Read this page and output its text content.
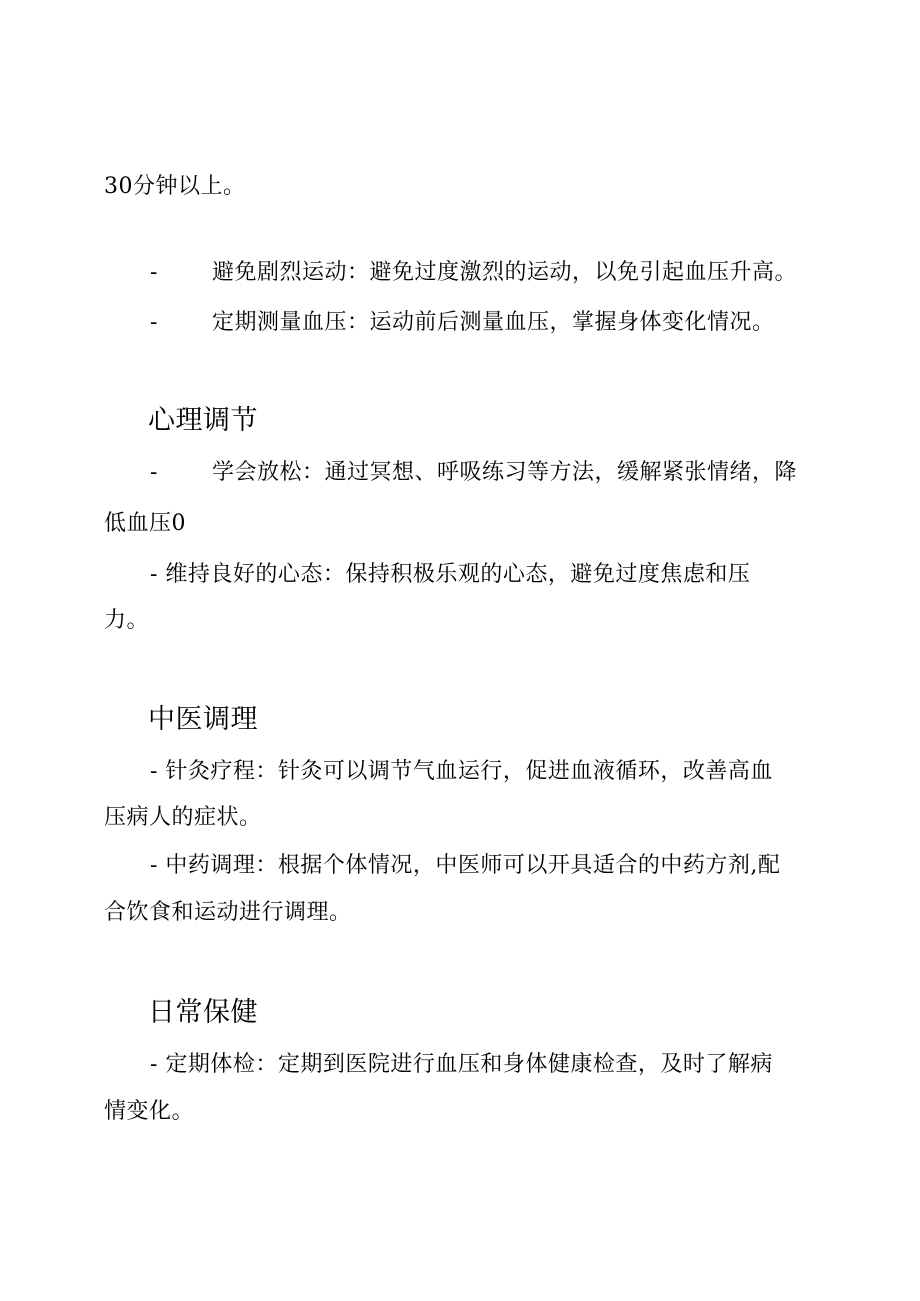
30分钟以上。
- 避免剧烈运动：避免过度激烈的运动，以免引起血压升高。
- 定期测量血压：运动前后测量血压，掌握身体变化情况。
心理调节
- 学会放松：通过冥想、呼吸练习等方法，缓解紧张情绪，降
低血压0
- 维持良好的心态：保持积极乐观的心态，避免过度焦虑和压
力。
中医调理
- 针灸疗程：针灸可以调节气血运行，促进血液循环，改善高血
压病人的症状。
- 中药调理：根据个体情况，中医师可以开具适合的中药方剂,配
合饮食和运动进行调理。
日常保健
- 定期体检：定期到医院进行血压和身体健康检查，及时了解病
情变化。
